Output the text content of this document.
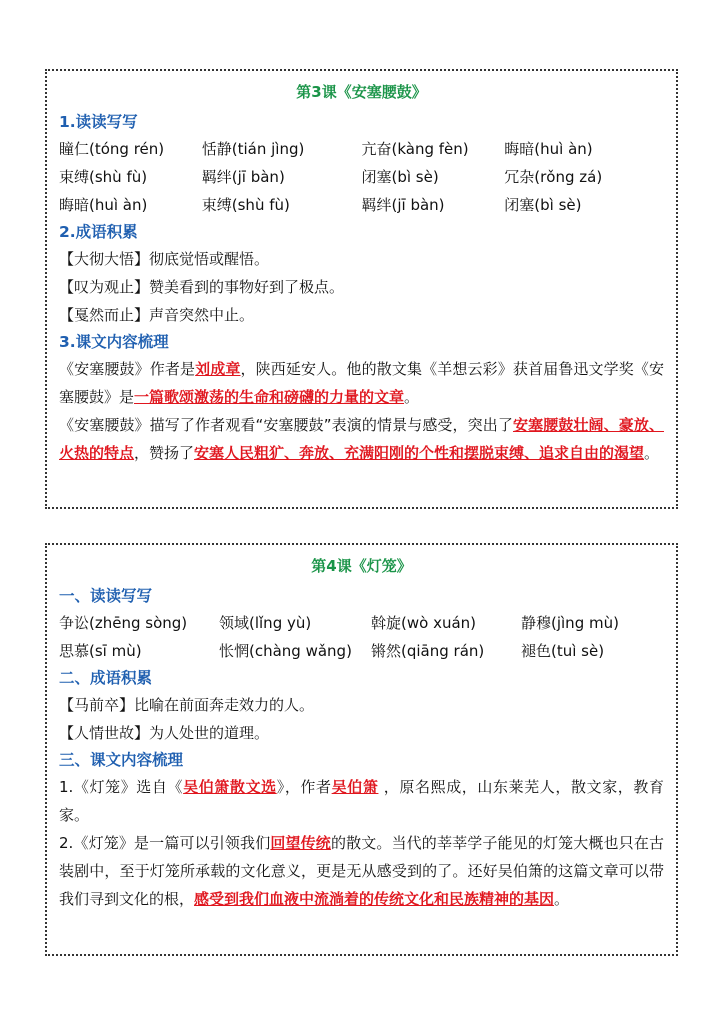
第3课《安塞腰鼓》
1.读读写写
瞳仁(tóng rén)	恬静(tián jìng)	亢奋(kàng fèn)	晦暗(huì àn)
束缚(shù fù)	羁绊(jī bàn)	闭塞(bì sè)	冗杂(rǒng zá)
晦暗(huì àn)	束缚(shù fù)	羁绊(jī bàn)	闭塞(bì sè)
2.成语积累
【大彻大悟】彻底觉悟或醒悟。
【叹为观止】赞美看到的事物好到了极点。
【戛然而止】声音突然中止。
3.课文内容梳理
《安塞腰鼓》作者是刘成章，陕西延安人。他的散文集《羊想云彩》获首届鲁迅文学奖《安塞腰鼓》是一篇歌颂激荡的生命和磅礴的力量的文章。
《安塞腰鼓》描写了作者观看“安塞腰鼓”表演的情景与感受，突出了安塞腰鼓壮阔、豪放、火热的特点，赞扬了安塞人民粗犷、奔放、充满阳刚的个性和摆脱束缚、追求自由的渴望。
第4课《灯笼》
一、读读写写
争讼(zhēng sòng)	领域(lǐng yù)	斡旋(wò xuán)	静穆(jìng mù)
思慕(sī mù)	怅惘(chàng wǎng)	锵然(qiāng rán)	褪色(tuì sè)
二、成语积累
【马前卒】比喻在前面奔走效力的人。
【人情世故】为人处世的道理。
三、课文内容梳理
1.《灯笼》选自《吴伯箫散文选》，作者吴伯箫 ，原名熙成，山东莱芜人，散文家，教育家。
2.《灯笼》是一篇可以引领我们回望传统的散文。当代的莘莘学子能见的灯笼大概也只在古装剧中，至于灯笼所承载的文化意义，更是无从感受到的了。还好吴伯箫的这篇文章可以带我们寻到文化的根，感受到我们血液中流淌着的传统文化和民族精神的基因。
